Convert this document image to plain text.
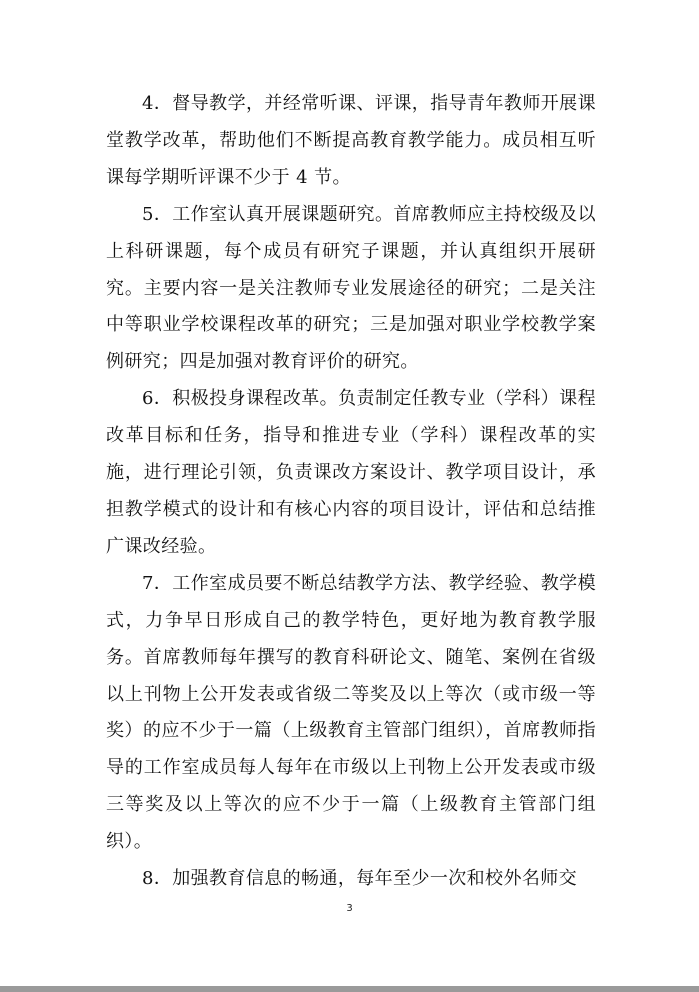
4．督导教学，并经常听课、评课，指导青年教师开展课堂教学改革，帮助他们不断提高教育教学能力。成员相互听课每学期听评课不少于 4 节。

5．工作室认真开展课题研究。首席教师应主持校级及以上科研课题，每个成员有研究子课题，并认真组织开展研究。主要内容一是关注教师专业发展途径的研究；二是关注中等职业学校课程改革的研究；三是加强对职业学校教学案例研究；四是加强对教育评价的研究。

6．积极投身课程改革。负责制定任教专业（学科）课程改革目标和任务，指导和推进专业（学科）课程改革的实施，进行理论引领，负责课改方案设计、教学项目设计，承担教学模式的设计和有核心内容的项目设计，评估和总结推广课改经验。

7．工作室成员要不断总结教学方法、教学经验、教学模式，力争早日形成自己的教学特色，更好地为教育教学服务。首席教师每年撰写的教育科研论文、随笔、案例在省级以上刊物上公开发表或省级二等奖及以上等次（或市级一等奖）的应不少于一篇（上级教育主管部门组织），首席教师指导的工作室成员每人每年在市级以上刊物上公开发表或市级三等奖及以上等次的应不少于一篇（上级教育主管部门组织）。

8．加强教育信息的畅通，每年至少一次和校外名师交

3
